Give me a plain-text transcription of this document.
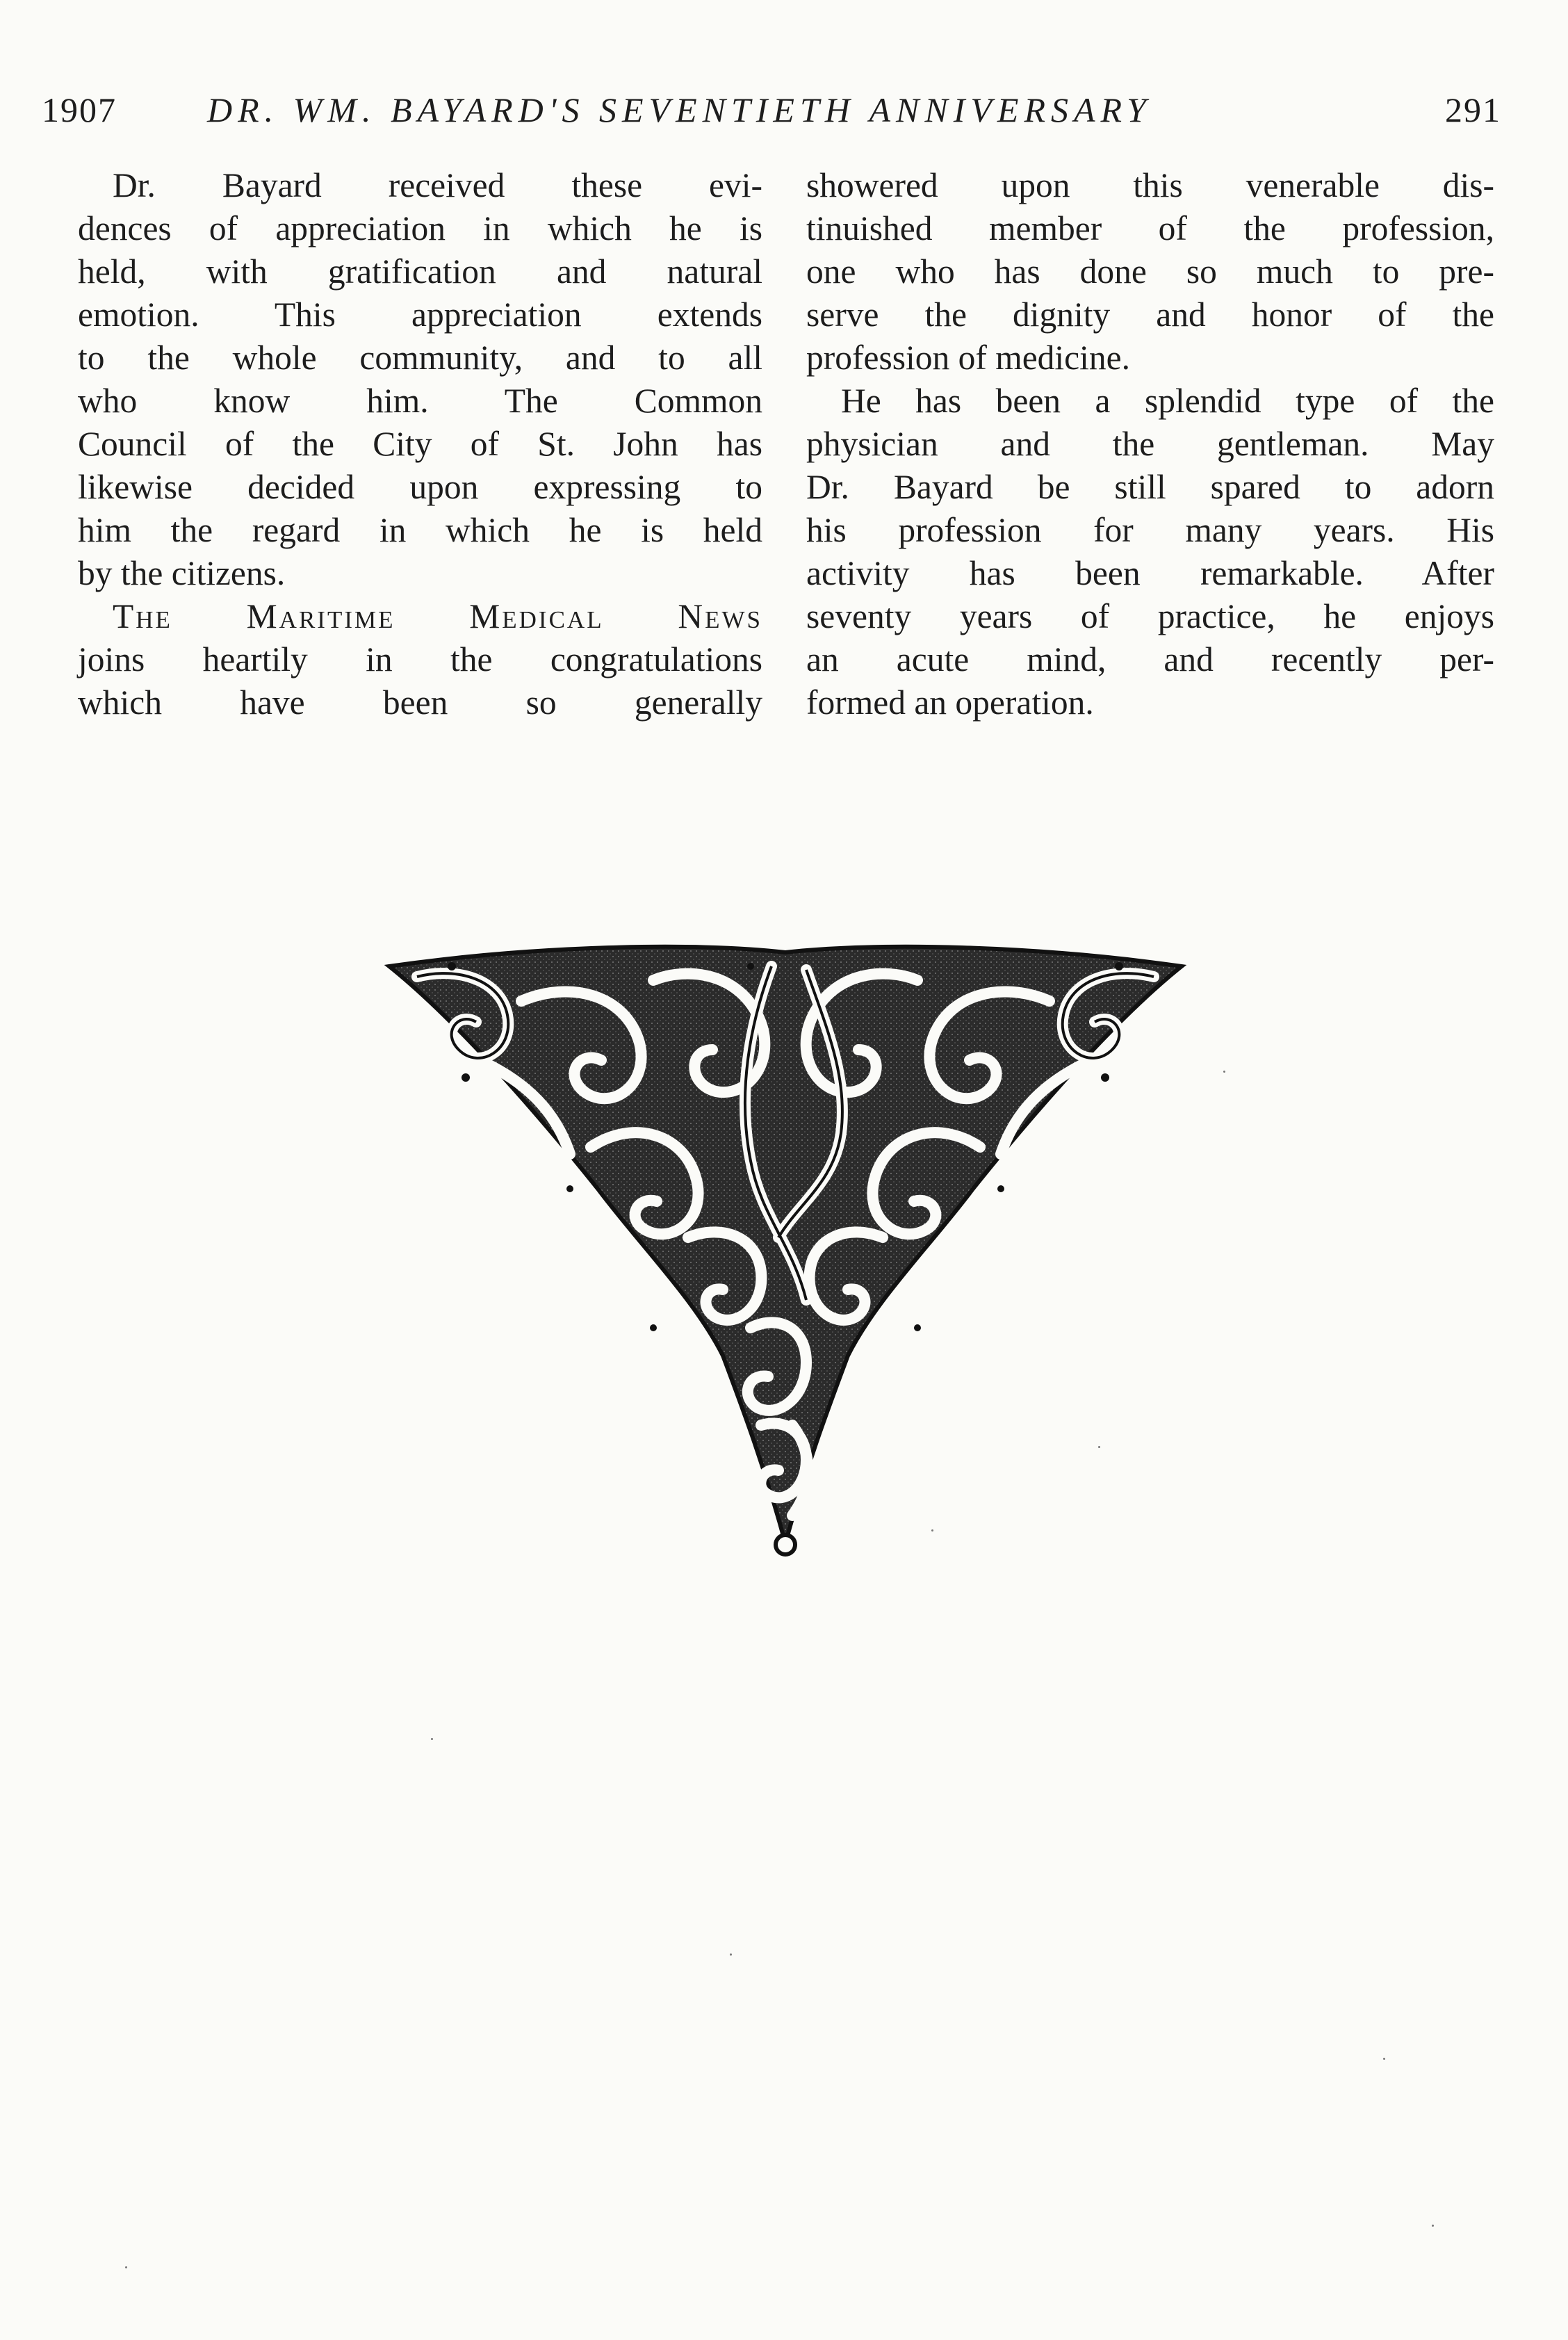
1907	DR. WM. BAYARD'S SEVENTIETH ANNIVERSARY	291
Dr. Bayard received these evi-
dences of appreciation in which he is
held, with gratification and natural
emotion. This appreciation extends
to the whole community, and to all
who know him. The Common
Council of the City of St. John has
likewise decided upon expressing to
him the regard in which he is held
by the citizens.
The Maritime Medical News
joins heartily in the congratulations
which have been so generally
showered upon this venerable dis-
tinuished member of the profession,
one who has done so much to pre-
serve the dignity and honor of the
profession of medicine.
He has been a splendid type of the
physician and the gentleman. May
Dr. Bayard be still spared to adorn
his profession for many years. His
activity has been remarkable. After
seventy years of practice, he enjoys
an acute mind, and recently per-
formed an operation.
